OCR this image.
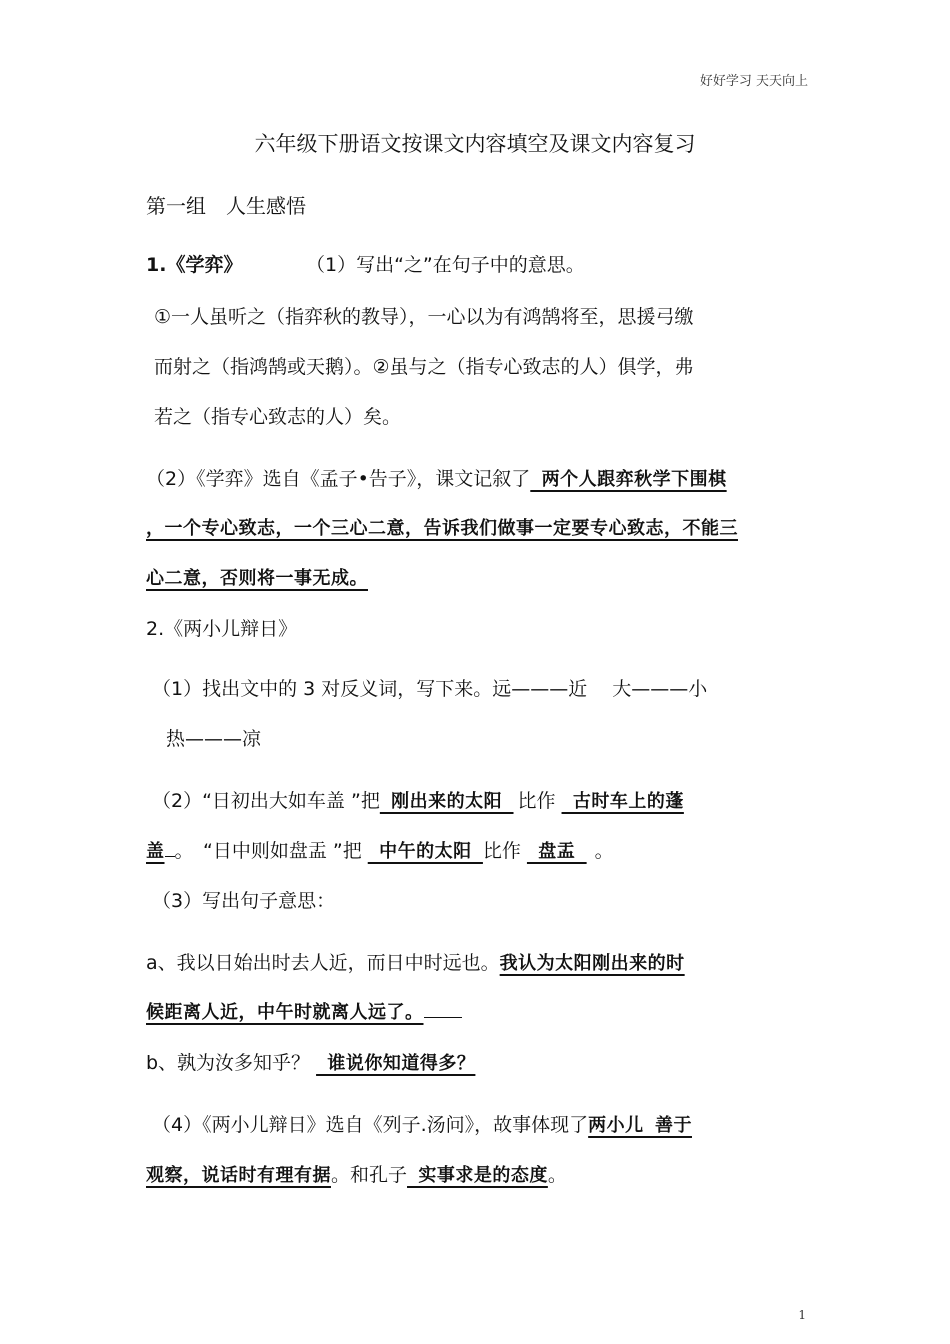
好好学习 天天向上
六年级下册语文按课文内容填空及课文内容复习
第一组　人生感悟
1.《学弈》	（1）写出“之”在句子中的意思。
①一人虽听之（指弈秋的教导），一心以为有鸿鹄将至，思援弓缴
而射之（指鸿鹄或天鹅）。②虽与之（指专心致志的人）俱学，弗
若之（指专心致志的人）矣。
（2）《学弈》选自《孟子•告子》，课文记叙了 两个人跟弈秋学下围棋
，一个专心致志，一个三心二意，告诉我们做事一定要专心致志，不能三
心二意，否则将一事无成。
2.《两小儿辩日》
（1）找出文中的 3 对反义词，写下来。远———近　 大———小
热———凉
（2）“日初出大如车盖 ”把 刚出来的太阳 比作 古时车上的蓬
盖 。　“日中则如盘盂 ”把 中午的太阳 比作 盘盂 。
（3）写出句子意思：
a、我以日始出时去人近，而日中时远也。我认为太阳刚出来的时
候距离人近，中午时就离人远了。
b、孰为汝多知乎？ 谁说你知道得多？
（4）《两小儿辩日》选自《列子.汤问》，故事体现了两小儿 善于
观察，说话时有理有据。和孔子 实事求是的态度。
1
